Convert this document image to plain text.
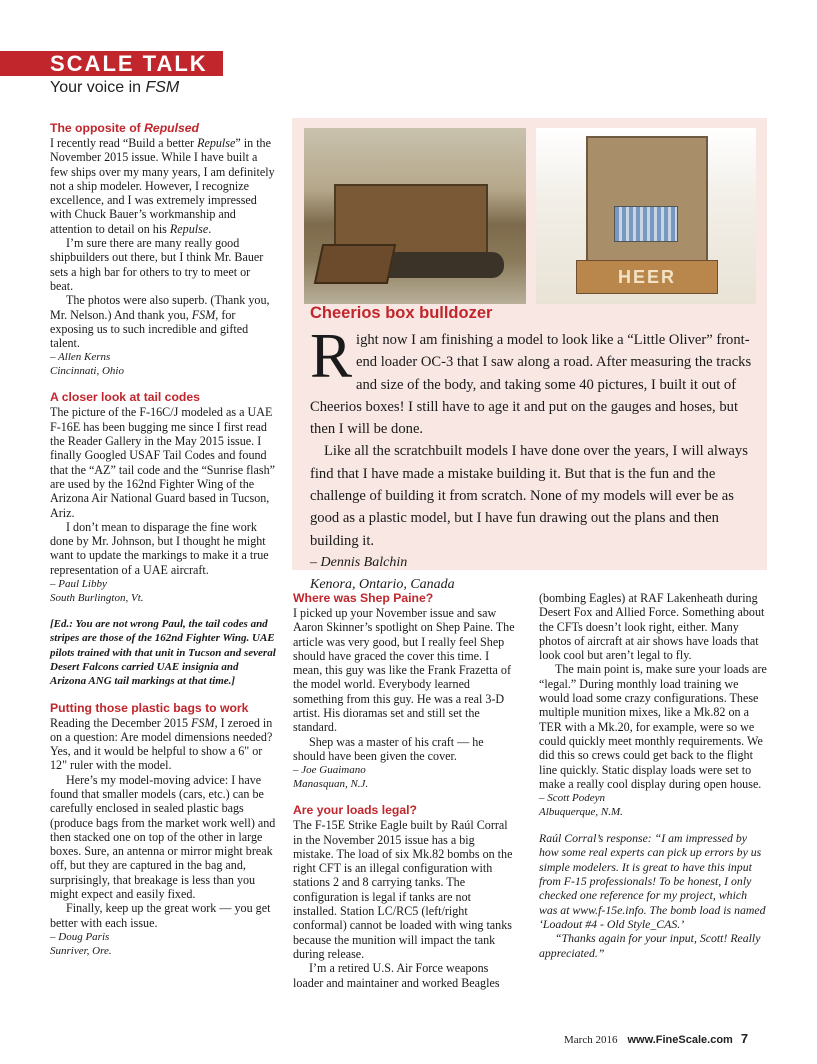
SCALE TALK
Your voice in FSM

The opposite of Repulsed

I recently read “Build a better Repulse” in the November 2015 issue. While I have built a few ships over my many years, I am definitely not a ship modeler. However, I recognize excellence, and I was extremely impressed with Chuck Bauer’s workmanship and attention to detail on his Repulse.

I’m sure there are many really good shipbuilders out there, but I think Mr. Bauer sets a high bar for others to try to meet or beat.

The photos were also superb. (Thank you, Mr. Nelson.) And thank you, FSM, for exposing us to such incredible and gifted talent.

– Allen Kerns

Cincinnati, Ohio

A closer look at tail codes

The picture of the F-16C/J modeled as a UAE F-16E has been bugging me since I first read the Reader Gallery in the May 2015 issue. I finally Googled USAF Tail Codes and found that the “AZ” tail code and the “Sunrise flash” are used by the 162nd Fighter Wing of the Arizona Air National Guard based in Tucson, Ariz.

I don’t mean to disparage the fine work done by Mr. Johnson, but I thought he might want to update the markings to make it a true representation of a UAE aircraft.

– Paul Libby

South Burlington, Vt.

[Ed.: You are not wrong Paul, the tail codes and stripes are those of the 162nd Fighter Wing. UAE pilots trained with that unit in Tucson and several Desert Falcons carried UAE insignia and Arizona ANG tail markings at that time.]

Putting those plastic bags to work

Reading the December 2015 FSM, I zeroed in on a question: Are model dimensions needed? Yes, and it would be helpful to show a 6" or 12" ruler with the model.

Here’s my model-moving advice: I have found that smaller models (cars, etc.) can be carefully enclosed in sealed plastic bags (produce bags from the market work well) and then stacked one on top of the other in large boxes. Sure, an antenna or mirror might break off, but they are captured in the bag and, surprisingly, that breakage is less than you might expect and easily fixed.

Finally, keep up the great work — you get better with each issue.

– Doug Paris

Sunriver, Ore.

HEER
Cheerios box bulldozer

Right now I am finishing a model to look like a “Little Oliver” front-end loader OC-3 that I saw along a road. After measuring the tracks and size of the body, and taking some 40 pictures, I built it out of Cheerios boxes! I still have to age it and put on the gauges and hoses, but then I will be done.

Like all the scratchbuilt models I have done over the years, I will always find that I have made a mistake building it. But that is the fun and the challenge of building it from scratch. None of my models will ever be as good as a plastic model, but I have fun drawing out the plans and then building it.

– Dennis Balchin

Kenora, Ontario, Canada

Where was Shep Paine?

I picked up your November issue and saw Aaron Skinner’s spotlight on Shep Paine. The article was very good, but I really feel Shep should have graced the cover this time. I mean, this guy was like the Frank Frazetta of the model world. Everybody learned something from this guy. He was a real 3-D artist. His dioramas set and still set the standard.

Shep was a master of his craft — he should have been given the cover.

– Joe Guaimano

Manasquan, N.J.

Are your loads legal?

The F-15E Strike Eagle built by Raúl Corral in the November 2015 issue has a big mistake. The load of six Mk.82 bombs on the right CFT is an illegal configuration with stations 2 and 8 carrying tanks. The configuration is legal if tanks are not installed. Station LC/RC5 (left/right conformal) cannot be loaded with wing tanks because the munition will impact the tank during release.

I’m a retired U.S. Air Force weapons loader and maintainer and worked Beagles

(bombing Eagles) at RAF Lakenheath during Desert Fox and Allied Force. Something about the CFTs doesn’t look right, either. Many photos of aircraft at air shows have loads that look cool but aren’t legal to fly.

The main point is, make sure your loads are “legal.” During monthly load training we would load some crazy configurations. These multiple munition mixes, like a Mk.82 on a TER with a Mk.20, for example, were so we could quickly meet monthly requirements. We did this so crews could get back to the flight line quickly. Static display loads were set to make a really cool display during open house.

– Scott Podeyn

Albuquerque, N.M.

Raúl Corral’s response: “I am impressed by how some real experts can pick up errors by us simple modelers. It is great to have this input from F-15 professionals! To be honest, I only checked one reference for my project, which was at www.f-15e.info. The bomb load is named ‘Loadout #4 - Old Style_CAS.’

“Thanks again for your input, Scott! Really appreciated.”

March 2016 www.FineScale.com 7
